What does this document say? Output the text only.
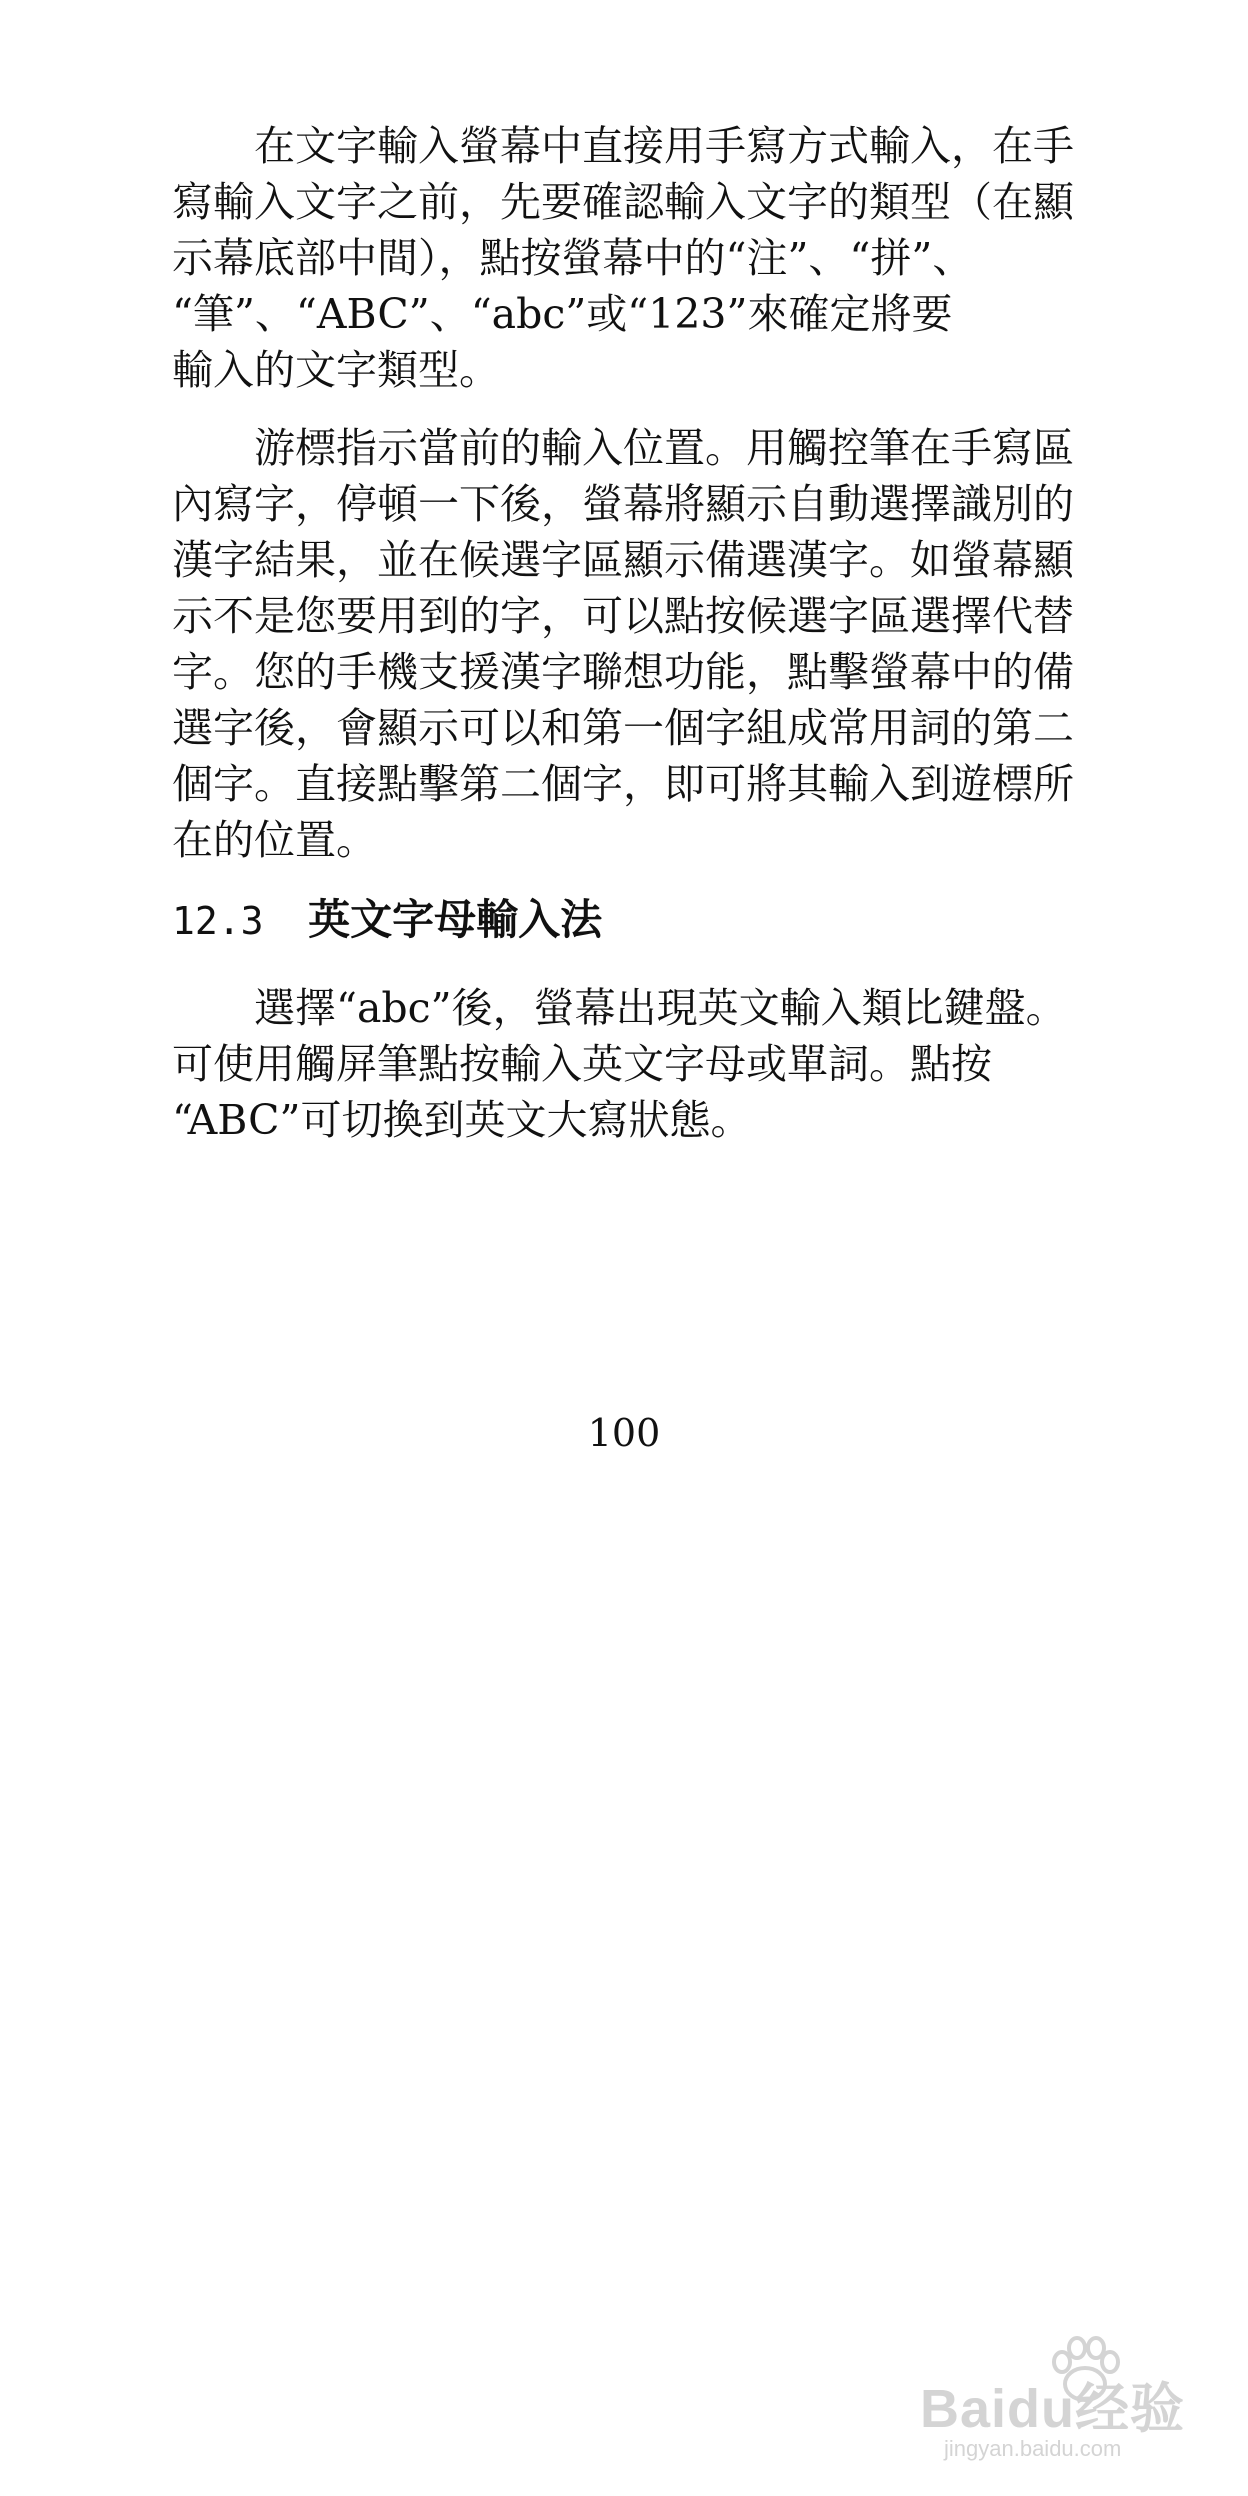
在文字輸入螢幕中直接用手寫方式輸入，在手
寫輸入文字之前，先要確認輸入文字的類型（在顯
示幕底部中間），點按螢幕中的“注”、“拼”、
“筆”、“ABC”、“abc”或“123”來確定將要
輸入的文字類型。
游標指示當前的輸入位置。用觸控筆在手寫區
內寫字，停頓一下後，螢幕將顯示自動選擇識別的
漢字結果，並在候選字區顯示備選漢字。如螢幕顯
示不是您要用到的字，可以點按候選字區選擇代替
字。您的手機支援漢字聯想功能，點擊螢幕中的備
選字後，會顯示可以和第一個字組成常用詞的第二
個字。直接點擊第二個字，即可將其輸入到遊標所
在的位置。
12.3 英文字母輸入法
選擇“abc”後，螢幕出現英文輸入類比鍵盤。
可使用觸屏筆點按輸入英文字母或單詞。點按
“ABC”可切換到英文大寫狀態。
100
Baidu经验
jingyan.baidu.com
